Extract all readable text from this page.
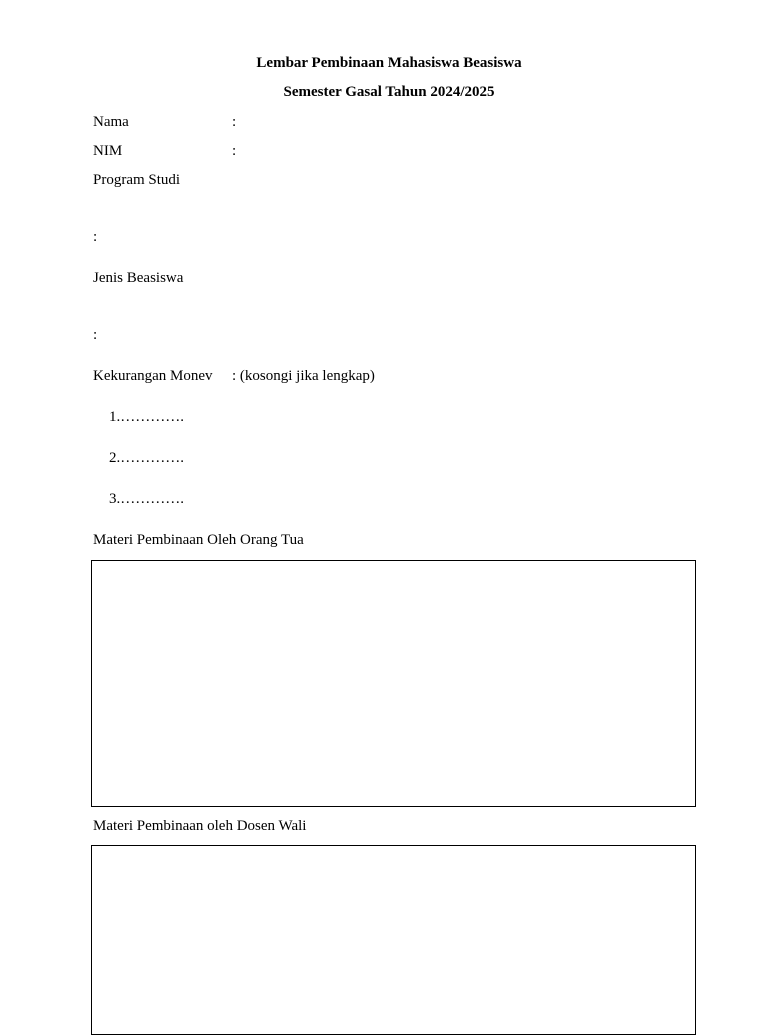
Lembar Pembinaan Mahasiswa Beasiswa
Semester Gasal Tahun 2024/2025
Nama	:
NIM	:
Program Studi
:
Jenis Beasiswa
:
Kekurangan Monev : (kosongi jika lengkap)
1.………….
2.………….
3.………….
Materi Pembinaan Oleh Orang Tua
Materi Pembinaan oleh Dosen Wali
